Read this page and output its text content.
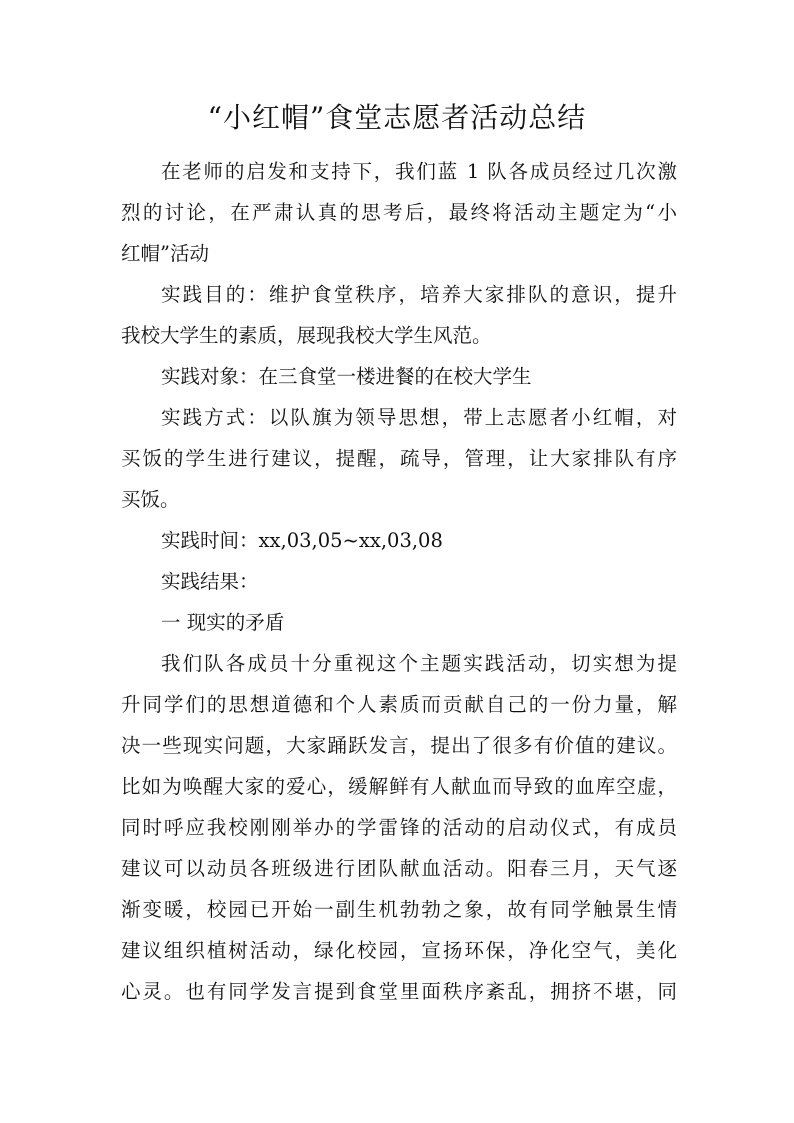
“小红帽”食堂志愿者活动总结
在老师的启发和支持下，我们蓝 1 队各成员经过几次激
烈的讨论，在严肃认真的思考后，最终将活动主题定为“小
红帽”活动
实践目的：维护食堂秩序，培养大家排队的意识，提升
我校大学生的素质，展现我校大学生风范。
实践对象：在三食堂一楼进餐的在校大学生
实践方式：以队旗为领导思想，带上志愿者小红帽，对
买饭的学生进行建议，提醒，疏导，管理，让大家排队有序
买饭。
实践时间：xx,03,05~xx,03,08
实践结果：
一 现实的矛盾
我们队各成员十分重视这个主题实践活动，切实想为提
升同学们的思想道德和个人素质而贡献自己的一份力量，解
决一些现实问题，大家踊跃发言，提出了很多有价值的建议。
比如为唤醒大家的爱心，缓解鲜有人献血而导致的血库空虚，
同时呼应我校刚刚举办的学雷锋的活动的启动仪式，有成员
建议可以动员各班级进行团队献血活动。阳春三月，天气逐
渐变暖，校园已开始一副生机勃勃之象，故有同学触景生情
建议组织植树活动，绿化校园，宣扬环保，净化空气，美化
心灵。也有同学发言提到食堂里面秩序紊乱，拥挤不堪，同
